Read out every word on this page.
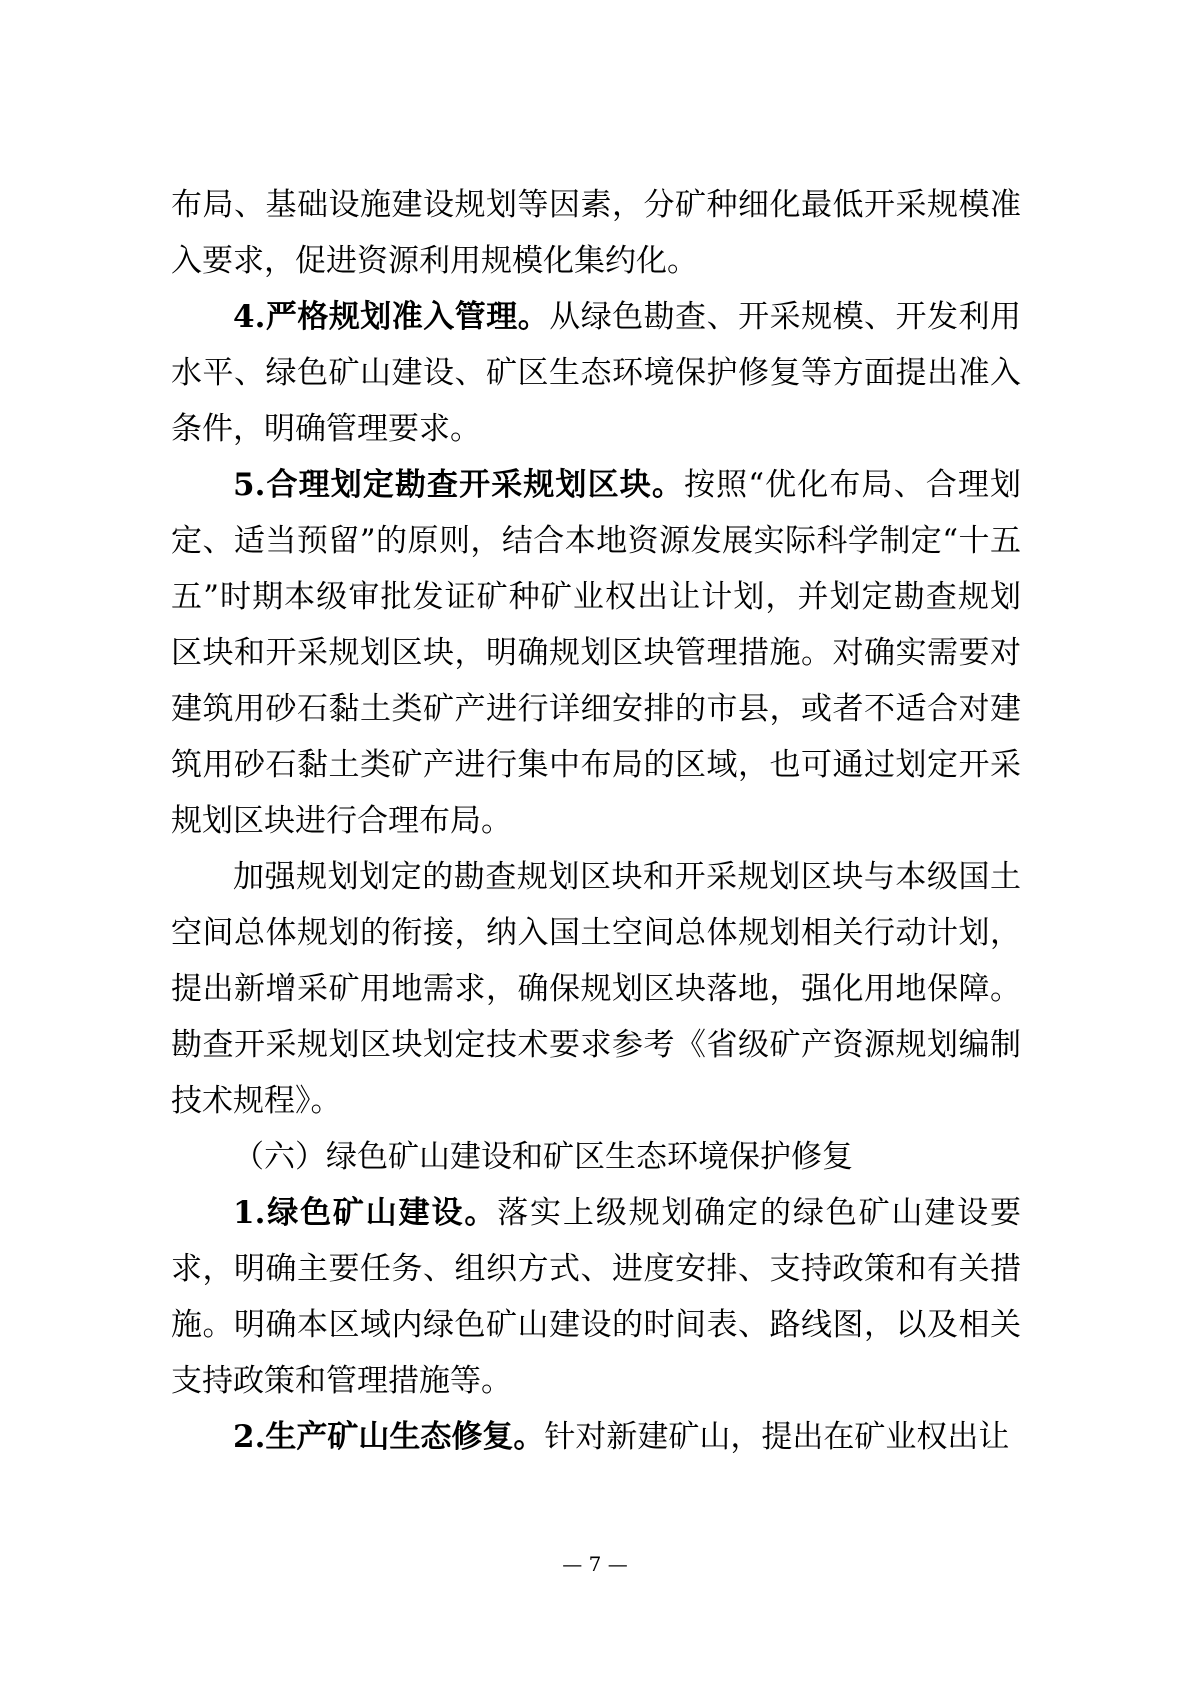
布局、基础设施建设规划等因素，分矿种细化最低开采规模准入要求，促进资源利用规模化集约化。

4.严格规划准入管理。从绿色勘查、开采规模、开发利用水平、绿色矿山建设、矿区生态环境保护修复等方面提出准入条件，明确管理要求。

5.合理划定勘查开采规划区块。按照“优化布局、合理划定、适当预留”的原则，结合本地资源发展实际科学制定“十五五”时期本级审批发证矿种矿业权出让计划，并划定勘查规划区块和开采规划区块，明确规划区块管理措施。对确实需要对建筑用砂石黏土类矿产进行详细安排的市县，或者不适合对建筑用砂石黏土类矿产进行集中布局的区域，也可通过划定开采规划区块进行合理布局。

加强规划划定的勘查规划区块和开采规划区块与本级国土空间总体规划的衔接，纳入国土空间总体规划相关行动计划，提出新增采矿用地需求，确保规划区块落地，强化用地保障。勘查开采规划区块划定技术要求参考《省级矿产资源规划编制技术规程》。

（六）绿色矿山建设和矿区生态环境保护修复

1.绿色矿山建设。落实上级规划确定的绿色矿山建设要求，明确主要任务、组织方式、进度安排、支持政策和有关措施。明确本区域内绿色矿山建设的时间表、路线图，以及相关支持政策和管理措施等。

2.生产矿山生态修复。针对新建矿山，提出在矿业权出让

— 7 —
